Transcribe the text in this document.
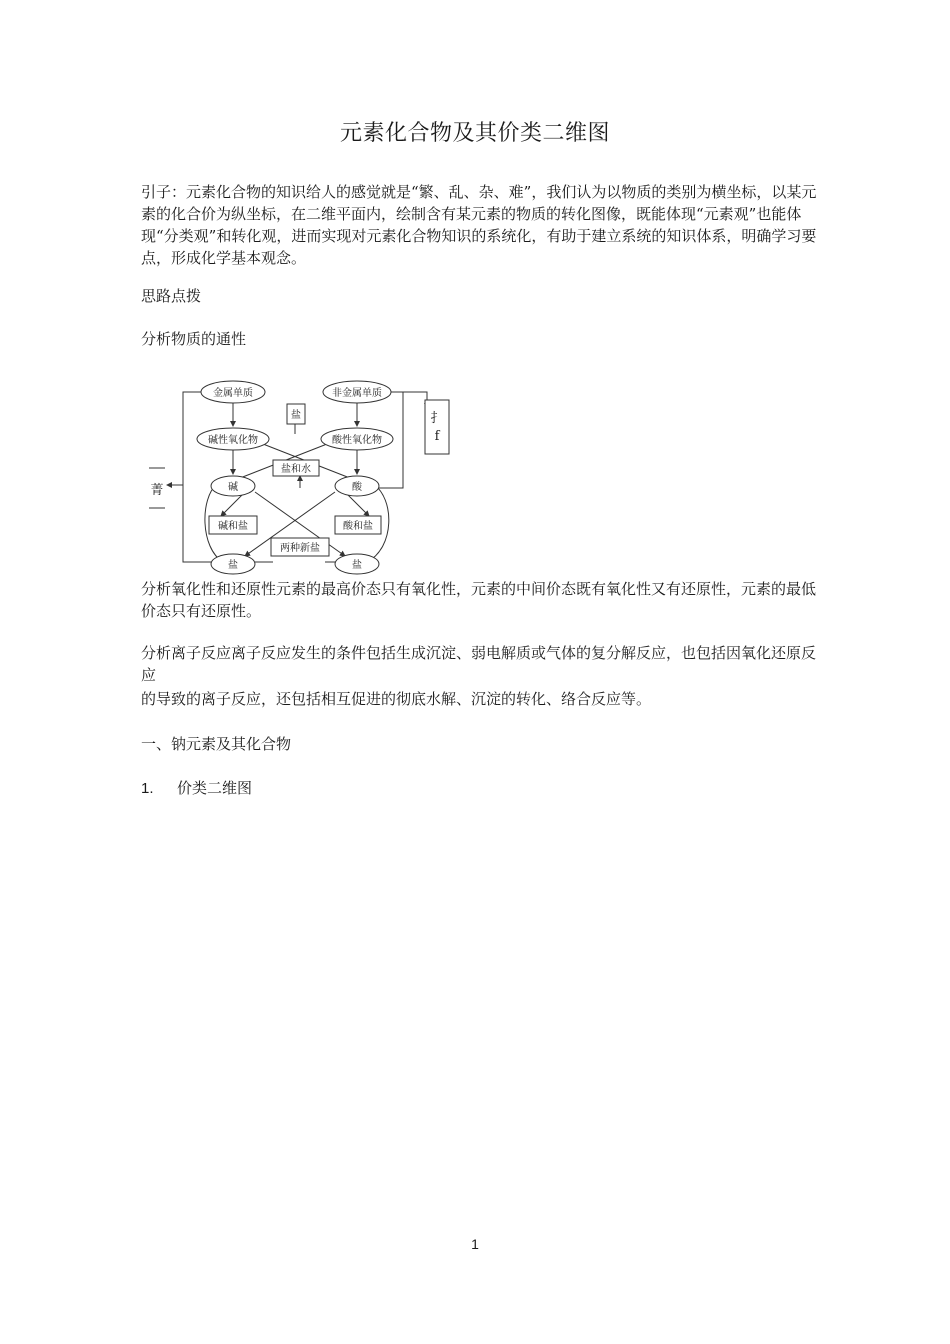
元素化合物及其价类二维图

引子：元素化合物的知识给人的感觉就是“繁、乱、杂、难”，我们认为以物质的类别为横坐标，以某元素的化合价为纵坐标，在二维平面内，绘制含有某元素的物质的转化图像，既能体现“元素观”也能体现“分类观”和转化观，进而实现对元素化合物知识的系统化，有助于建立系统的知识体系，明确学习要点，形成化学基本观念。

思路点拨

分析物质的通性

金属单质	非金属单质
盐
碱性氧化物	酸性氧化物
盐和水
碱	酸
碱和盐	酸和盐
两种新盐
盐	盐
扌
f
菁

分析氧化性和还原性元素的最高价态只有氧化性，元素的中间价态既有氧化性又有还原性，元素的最低价态只有还原性。

分析离子反应离子反应发生的条件包括生成沉淀、弱电解质或气体的复分解反应，也包括因氧化还原反应

的导致的离子反应，还包括相互促进的彻底水解、沉淀的转化、络合反应等。

一、钠元素及其化合物

1. 价类二维图
1
